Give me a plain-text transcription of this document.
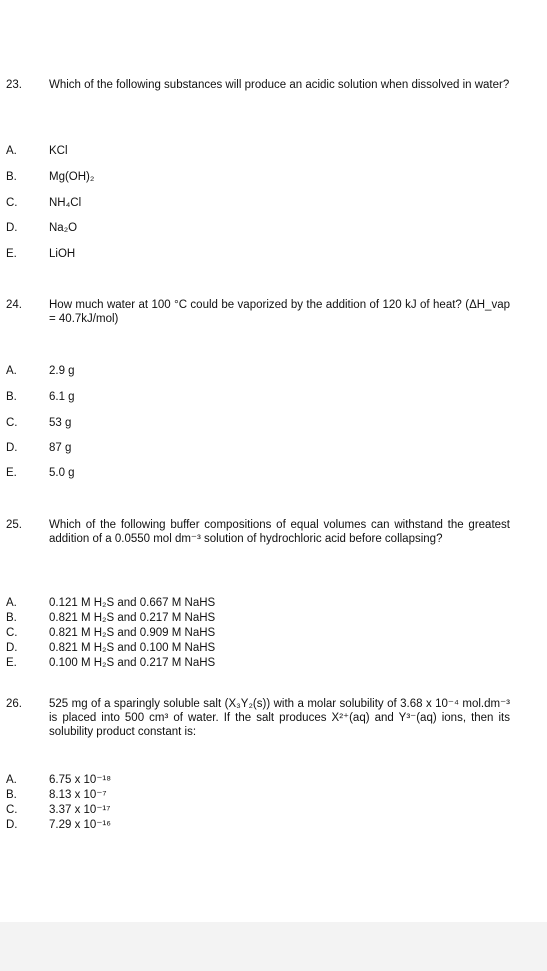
23. Which of the following substances will produce an acidic solution when dissolved in water?
A.	KCl
B.	Mg(OH)₂
C.	NH₄Cl
D.	Na₂O
E.	LiOH
24. How much water at 100 °C could be vaporized by the addition of 120 kJ of heat? (ΔH_vap = 40.7kJ/mol)
A.	2.9 g
B.	6.1 g
C.	53 g
D.	87 g
E.	5.0 g
25. Which of the following buffer compositions of equal volumes can withstand the greatest addition of a 0.0550 mol dm⁻³ solution of hydrochloric acid before collapsing?
A.	0.121 M H₂S and 0.667 M NaHS
B.	0.821 M H₂S and 0.217 M NaHS
C.	0.821 M H₂S and 0.909 M NaHS
D.	0.821 M H₂S and 0.100 M NaHS
E.	0.100 M H₂S and 0.217 M NaHS
26. 525 mg of a sparingly soluble salt (X₃Y₂(s)) with a molar solubility of 3.68 x 10⁻⁴ mol.dm⁻³ is placed into 500 cm³ of water. If the salt produces X²⁺(aq) and Y³⁻(aq) ions, then its solubility product constant is:
A.	6.75 x 10⁻¹⁸
B.	8.13 x 10⁻⁷
C.	3.37 x 10⁻¹⁷
D.	7.29 x 10⁻¹⁶
